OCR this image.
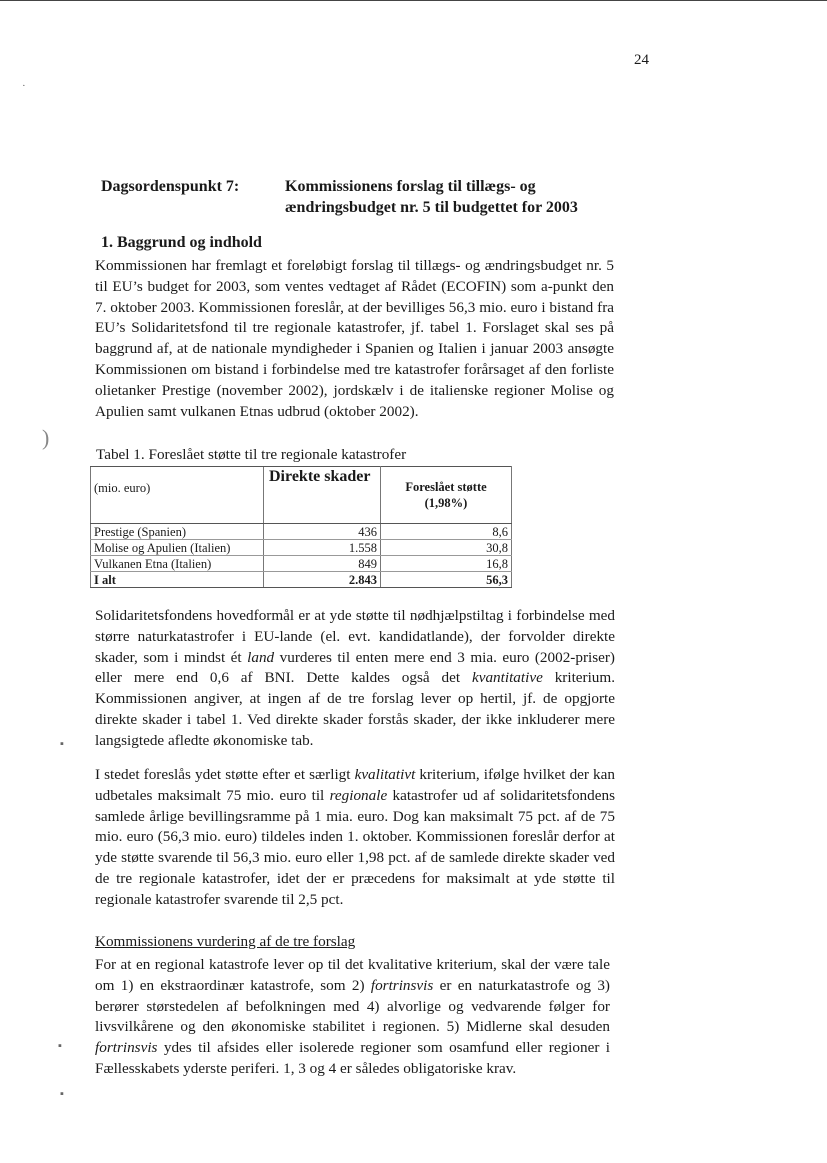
24
Dagsordenspunkt 7:	Kommissionens forslag til tillægs- og ændringsbudget nr. 5 til budgettet for 2003
1. Baggrund og indhold
Kommissionen har fremlagt et foreløbigt forslag til tillægs- og ændringsbudget nr. 5 til EU’s budget for 2003, som ventes vedtaget af Rådet (ECOFIN) som a-punkt den 7. oktober 2003. Kommissionen foreslår, at der bevilliges 56,3 mio. euro i bistand fra EU’s Solidaritetsfond til tre regionale katastrofer, jf. tabel 1. Forslaget skal ses på baggrund af, at de nationale myndigheder i Spanien og Italien i januar 2003 ansøgte Kommissionen om bistand i forbindelse med tre katastrofer forårsaget af den forliste olietanker Prestige (november 2002), jordskælv i de italienske regioner Molise og Apulien samt vulkanen Etnas udbrud (oktober 2002).
Tabel 1. Foreslået støtte til tre regionale katastrofer
(mio. euro)	Direkte skader	Foreslået støtte
(1,98%)

Prestige (Spanien)	436	8,6
Molise og Apulien (Italien)	1.558	30,8
Vulkanen Etna (Italien)	849	16,8
I alt	2.843	56,3
Solidaritetsfondens hovedformål er at yde støtte til nødhjælpstiltag i forbindelse med større naturkatastrofer i EU-lande (el. evt. kandidatlande), der forvolder direkte skader, som i mindst ét land vurderes til enten mere end 3 mia. euro (2002-priser) eller mere end 0,6 af BNI. Dette kaldes også det kvantitative kriterium. Kommissionen angiver, at ingen af de tre forslag lever op hertil, jf. de opgjorte direkte skader i tabel 1. Ved direkte skader forstås skader, der ikke inkluderer mere langsigtede afledte økonomiske tab.
I stedet foreslås ydet støtte efter et særligt kvalitativt kriterium, ifølge hvilket der kan udbetales maksimalt 75 mio. euro til regionale katastrofer ud af solidaritetsfondens samlede årlige bevillingsramme på 1 mia. euro. Dog kan maksimalt 75 pct. af de 75 mio. euro (56,3 mio. euro) tildeles inden 1. oktober. Kommissionen foreslår derfor at yde støtte svarende til 56,3 mio. euro eller 1,98 pct. af de samlede direkte skader ved de tre regionale katastrofer, idet der er præcedens for maksimalt at yde støtte til regionale katastrofer svarende til 2,5 pct.
Kommissionens vurdering af de tre forslag
For at en regional katastrofe lever op til det kvalitative kriterium, skal der være tale om 1) en ekstraordinær katastrofe, som 2) fortrinsvis er en naturkatastrofe og 3) berører størstedelen af befolkningen med 4) alvorlige og vedvarende følger for livsvilkårene og den økonomiske stabilitet i regionen. 5) Midlerne skal desuden fortrinsvis ydes til afsides eller isolerede regioner som osamfund eller regioner i Fællesskabets yderste periferi. 1, 3 og 4 er således obligatoriske krav.
)
▪
▪
▪
·
